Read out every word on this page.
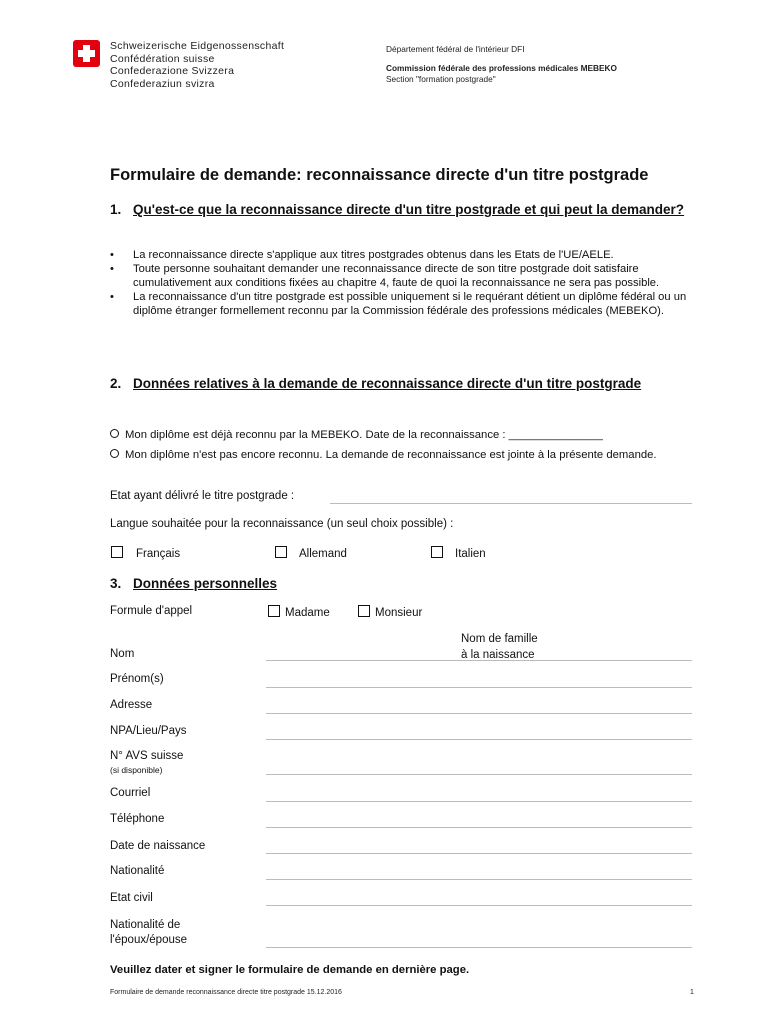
Schweizerische Eidgenossenschaft
Confédération suisse
Confederazione Svizzera
Confederaziun svizra
Département fédéral de l'intérieur DFI
Commission fédérale des professions médicales MEBEKO
Section "formation postgrade"
Formulaire de demande: reconnaissance directe d'un titre postgrade
1. Qu'est-ce que la reconnaissance directe d'un titre postgrade et qui peut la demander?
• La reconnaissance directe s'applique aux titres postgrades obtenus dans les Etats de l'UE/AELE.
• Toute personne souhaitant demander une reconnaissance directe de son titre postgrade doit satisfaire cumulativement aux conditions fixées au chapitre 4, faute de quoi la reconnaissance ne sera pas possible.
• La reconnaissance d'un titre postgrade est possible uniquement si le requérant détient un diplôme fédéral ou un diplôme étranger formellement reconnu par la Commission fédérale des professions médicales (MEBEKO).
2. Données relatives à la demande de reconnaissance directe d'un titre postgrade
Mon diplôme est déjà reconnu par la MEBEKO. Date de la reconnaissance : _______________
Mon diplôme n'est pas encore reconnu. La demande de reconnaissance est jointe à la présente demande.
Etat ayant délivré le titre postgrade :
Langue souhaitée pour la reconnaissance (un seul choix possible) :
Français	Allemand	Italien
3. Données personnelles
Formule d'appel	Madame	Monsieur
Nom de famille
à la naissance
Nom
Prénom(s)
Adresse
NPA/Lieu/Pays
N° AVS suisse
(si disponible)
Courriel
Téléphone
Date de naissance
Nationalité
Etat civil
Nationalité de
l'époux/épouse
Veuillez dater et signer le formulaire de demande en dernière page.
Formulaire de demande reconnaissance directe titre postgrade 15.12.2016	1
